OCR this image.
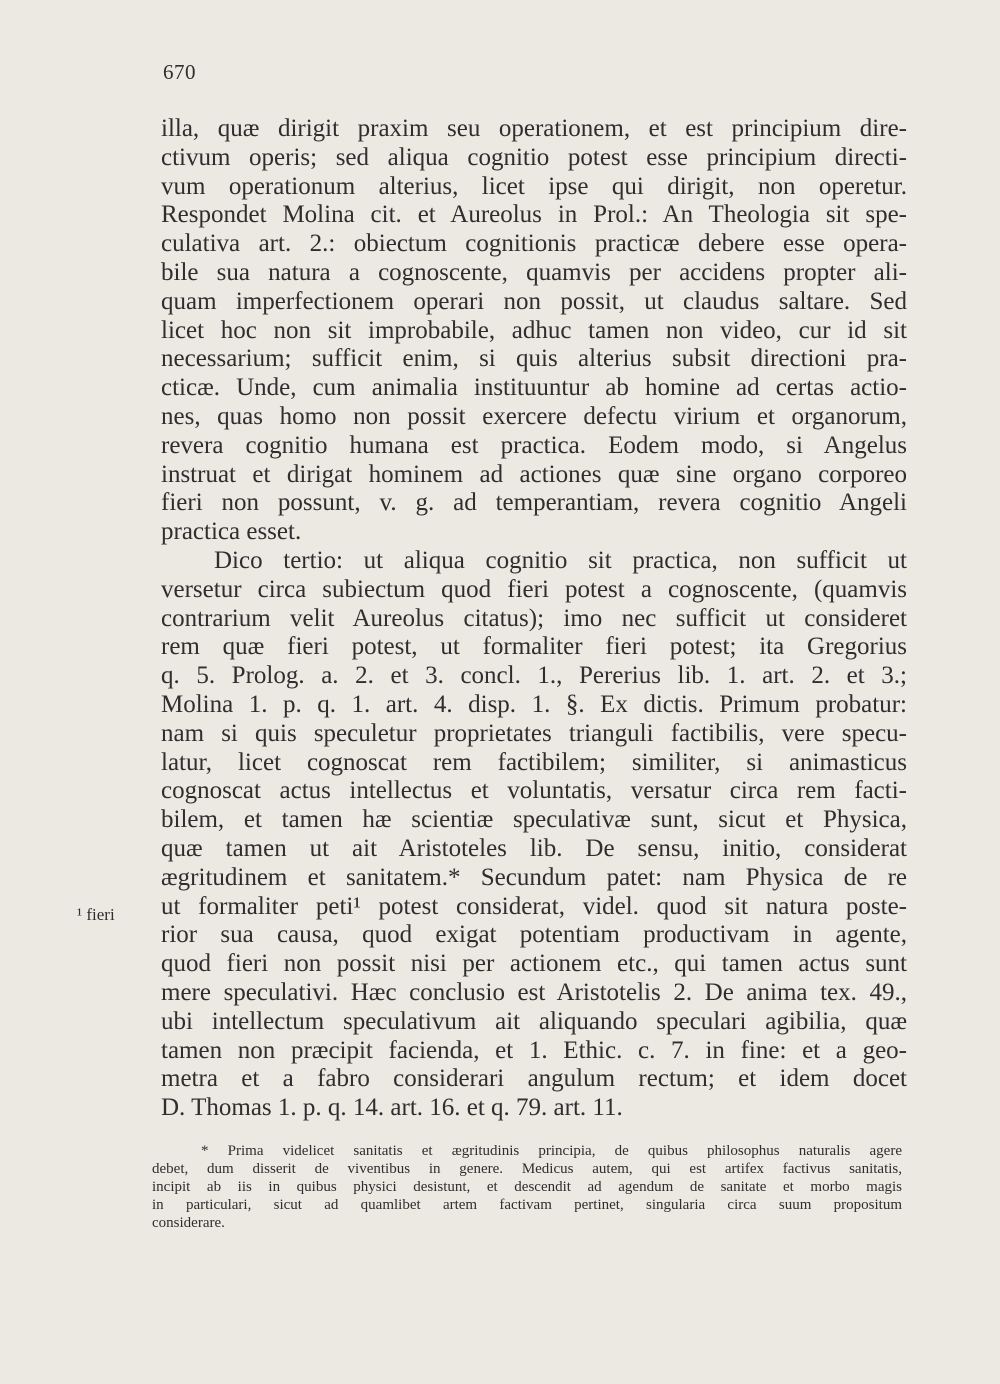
670
illa, quæ dirigit praxim seu operationem, et est principium dire-
ctivum operis; sed aliqua cognitio potest esse principium directi-
vum operationum alterius, licet ipse qui dirigit, non operetur.
Respondet Molina cit. et Aureolus in Prol.: An Theologia sit spe-
culativa art. 2.: obiectum cognitionis practicæ debere esse opera-
bile sua natura a cognoscente, quamvis per accidens propter ali-
quam imperfectionem operari non possit, ut claudus saltare. Sed
licet hoc non sit improbabile, adhuc tamen non video, cur id sit
necessarium; sufficit enim, si quis alterius subsit directioni pra-
cticæ. Unde, cum animalia instituuntur ab homine ad certas actio-
nes, quas homo non possit exercere defectu virium et organorum,
revera cognitio humana est practica. Eodem modo, si Angelus
instruat et dirigat hominem ad actiones quæ sine organo corporeo
fieri non possunt, v. g. ad temperantiam, revera cognitio Angeli
practica esset.
Dico tertio: ut aliqua cognitio sit practica, non sufficit ut
versetur circa subiectum quod fieri potest a cognoscente, (quamvis
contrarium velit Aureolus citatus); imo nec sufficit ut consideret
rem quæ fieri potest, ut formaliter fieri potest; ita Gregorius
q. 5. Prolog. a. 2. et 3. concl. 1., Pererius lib. 1. art. 2. et 3.;
Molina 1. p. q. 1. art. 4. disp. 1. §. Ex dictis. Primum probatur:
nam si quis speculetur proprietates trianguli factibilis, vere specu-
latur, licet cognoscat rem factibilem; similiter, si animasticus
cognoscat actus intellectus et voluntatis, versatur circa rem facti-
bilem, et tamen hæ scientiæ speculativæ sunt, sicut et Physica,
quæ tamen ut ait Aristoteles lib. De sensu, initio, considerat
ægritudinem et sanitatem.* Secundum patet: nam Physica de re
ut formaliter peti¹ potest considerat, videl. quod sit natura poste-
rior sua causa, quod exigat potentiam productivam in agente,
quod fieri non possit nisi per actionem etc., qui tamen actus sunt
mere speculativi. Hæc conclusio est Aristotelis 2. De anima tex. 49.,
ubi intellectum speculativum ait aliquando speculari agibilia, quæ
tamen non præcipit facienda, et 1. Ethic. c. 7. in fine: et a geo-
metra et a fabro considerari angulum rectum; et idem docet
D. Thomas 1. p. q. 14. art. 16. et q. 79. art. 11.
¹ fieri
* Prima videlicet sanitatis et ægritudinis principia, de quibus philosophus naturalis agere
debet, dum disserit de viventibus in genere. Medicus autem, qui est artifex factivus sanitatis,
incipit ab iis in quibus physici desistunt, et descendit ad agendum de sanitate et morbo magis
in particulari, sicut ad quamlibet artem factivam pertinet, singularia circa suum propositum
considerare.
